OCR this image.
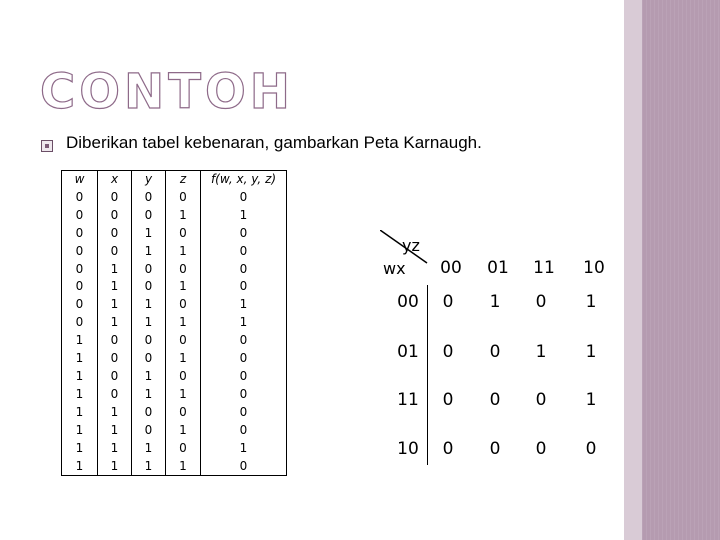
CONTOH
Diberikan tabel kebenaran, gambarkan Peta Karnaugh.
w	x	y	z	f(w, x, y, z)
0	0	0	0	0
0	0	0	1	1
0	0	1	0	0
0	0	1	1	0
0	1	0	0	0
0	1	0	1	0
0	1	1	0	1
0	1	1	1	1
1	0	0	0	0
1	0	0	1	0
1	0	1	0	0
1	0	1	1	0
1	1	0	0	0
1	1	0	1	0
1	1	1	0	1
1	1	1	1	0
yz
wx	00	01	11	10
00	0	1	0	1
01	0	0	1	1
11	0	0	0	1
10	0	0	0	0
